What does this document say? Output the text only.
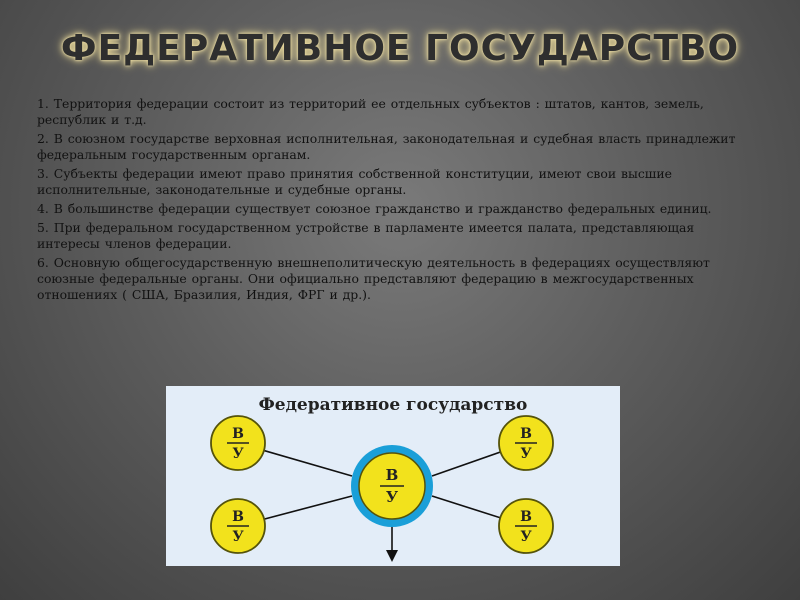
ФЕДЕРАТИВНОЕ ГОСУДАРСТВО
1. Территория федерации состоит из территорий ее отдельных субъектов : штатов, кантов, земель, республик и т.д.
2. В союзном государстве верховная исполнительная, законодательная и судебная власть принадлежит федеральным государственным органам.
3. Субъекты федерации имеют право принятия собственной конституции, имеют свои высшие исполнительные, законодательные и судебные органы.
4. В большинстве федерации существует союзное гражданство и гражданство федеральных единиц.
5. При федеральном государственном устройстве в парламенте имеется палата, представляющая интересы членов федерации.
6. Основную общегосударственную внешнеполитическую деятельность в федерациях осуществляют союзные федеральные органы. Они официально представляют федерацию в межгосударственных отношениях ( США, Бразилия, Индия, ФРГ и др.).
Федеративное государство
В
У
В
У
В
У
В
У
В
У
